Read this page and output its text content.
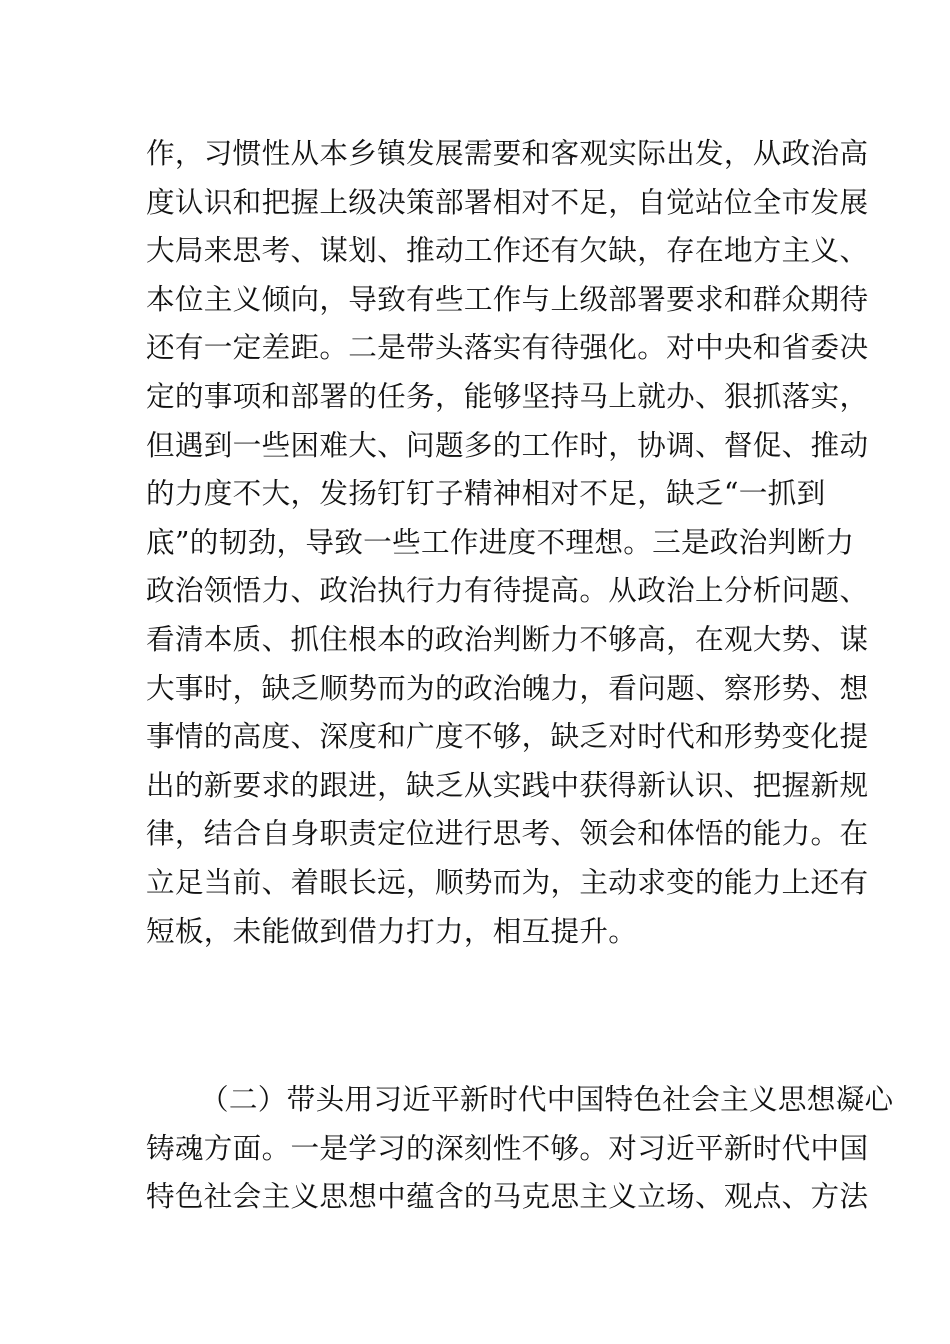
作，习惯性从本乡镇发展需要和客观实际出发，从政治高
度认识和把握上级决策部署相对不足，自觉站位全市发展
大局来思考、谋划、推动工作还有欠缺，存在地方主义、
本位主义倾向，导致有些工作与上级部署要求和群众期待
还有一定差距。二是带头落实有待强化。对中央和省委决
定的事项和部署的任务，能够坚持马上就办、狠抓落实，
但遇到一些困难大、问题多的工作时，协调、督促、推动
的力度不大，发扬钉钉子精神相对不足，缺乏“一抓到
底”的韧劲，导致一些工作进度不理想。三是政治判断力
政治领悟力、政治执行力有待提高。从政治上分析问题、
看清本质、抓住根本的政治判断力不够高，在观大势、谋
大事时，缺乏顺势而为的政治魄力，看问题、察形势、想
事情的高度、深度和广度不够，缺乏对时代和形势变化提
出的新要求的跟进，缺乏从实践中获得新认识、把握新规
律，结合自身职责定位进行思考、领会和体悟的能力。在
立足当前、着眼长远，顺势而为，主动求变的能力上还有
短板，未能做到借力打力，相互提升。
（二）带头用习近平新时代中国特色社会主义思想凝心
铸魂方面。一是学习的深刻性不够。对习近平新时代中国
特色社会主义思想中蕴含的马克思主义立场、观点、方法
